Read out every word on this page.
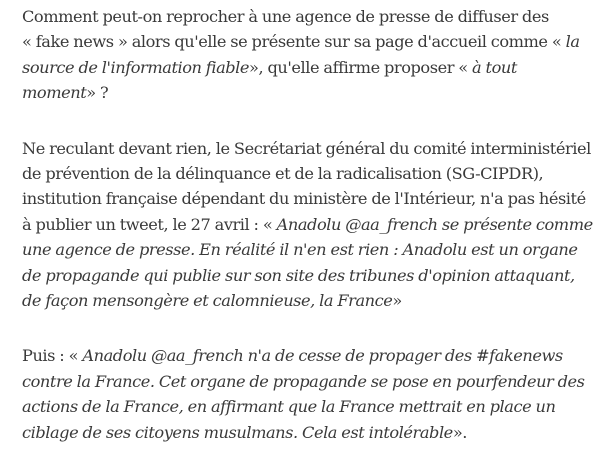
Comment peut-on reprocher à une agence de presse de diffuser des
« fake news » alors qu'elle se présente sur sa page d'accueil comme « la
source de l'information fiable», qu'elle affirme proposer « à tout
moment» ?

Ne reculant devant rien, le Secrétariat général du comité interministériel
de prévention de la délinquance et de la radicalisation (SG-CIPDR),
institution française dépendant du ministère de l'Intérieur, n'a pas hésité
à publier un tweet, le 27 avril : « Anadolu @aa_french se présente comme
une agence de presse. En réalité il n'en est rien : Anadolu est un organe
de propagande qui publie sur son site des tribunes d'opinion attaquant,
de façon mensongère et calomnieuse, la France»

Puis : « Anadolu @aa_french n'a de cesse de propager des #fakenews
contre la France. Cet organe de propagande se pose en pourfendeur des
actions de la France, en affirmant que la France mettrait en place un
ciblage de ses citoyens musulmans. Cela est intolérable».
